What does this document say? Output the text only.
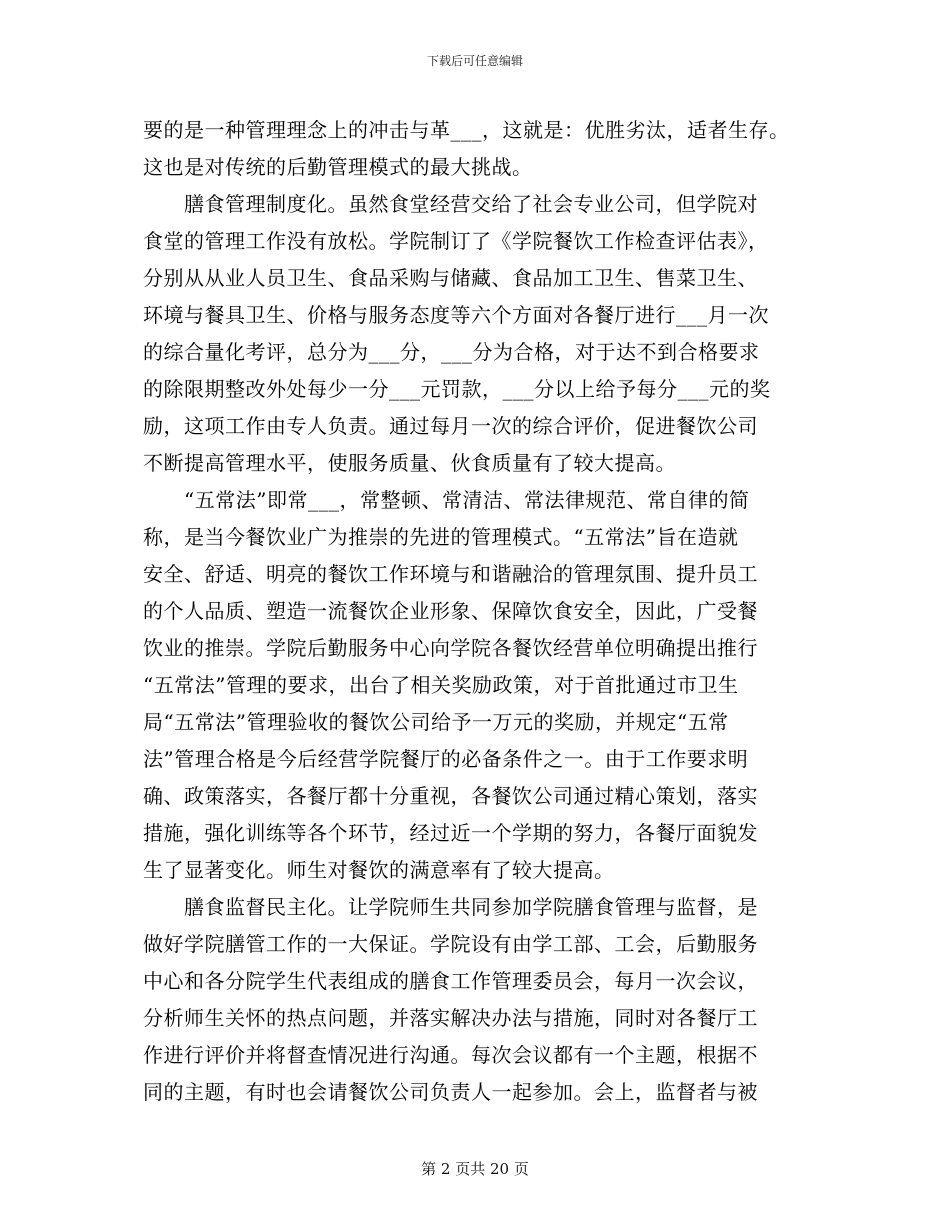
下载后可任意编辑
要的是一种管理理念上的冲击与革___，这就是：优胜劣汰，适者生存。
这也是对传统的后勤管理模式的最大挑战。
　　膳食管理制度化。虽然食堂经营交给了社会专业公司，但学院对
食堂的管理工作没有放松。学院制订了《学院餐饮工作检查评估表》，
分别从从业人员卫生、食品采购与储藏、食品加工卫生、售菜卫生、
环境与餐具卫生、价格与服务态度等六个方面对各餐厅进行___月一次
的综合量化考评，总分为___分，___分为合格，对于达不到合格要求
的除限期整改外处每少一分___元罚款，___分以上给予每分___元的奖
励，这项工作由专人负责。通过每月一次的综合评价，促进餐饮公司
不断提高管理水平，使服务质量、伙食质量有了较大提高。
　　“五常法”即常___，常整顿、常清洁、常法律规范、常自律的简
称，是当今餐饮业广为推崇的先进的管理模式。“五常法”旨在造就
安全、舒适、明亮的餐饮工作环境与和谐融洽的管理氛围、提升员工
的个人品质、塑造一流餐饮企业形象、保障饮食安全，因此，广受餐
饮业的推崇。学院后勤服务中心向学院各餐饮经营单位明确提出推行
“五常法”管理的要求，出台了相关奖励政策，对于首批通过市卫生
局“五常法”管理验收的餐饮公司给予一万元的奖励，并规定“五常
法”管理合格是今后经营学院餐厅的必备条件之一。由于工作要求明
确、政策落实，各餐厅都十分重视，各餐饮公司通过精心策划，落实
措施，强化训练等各个环节，经过近一个学期的努力，各餐厅面貌发
生了显著变化。师生对餐饮的满意率有了较大提高。
　　膳食监督民主化。让学院师生共同参加学院膳食管理与监督，是
做好学院膳管工作的一大保证。学院设有由学工部、工会，后勤服务
中心和各分院学生代表组成的膳食工作管理委员会，每月一次会议，
分析师生关怀的热点问题，并落实解决办法与措施，同时对各餐厅工
作进行评价并将督查情况进行沟通。每次会议都有一个主题，根据不
同的主题，有时也会请餐饮公司负责人一起参加。会上，监督者与被
第 2 页共 20 页
